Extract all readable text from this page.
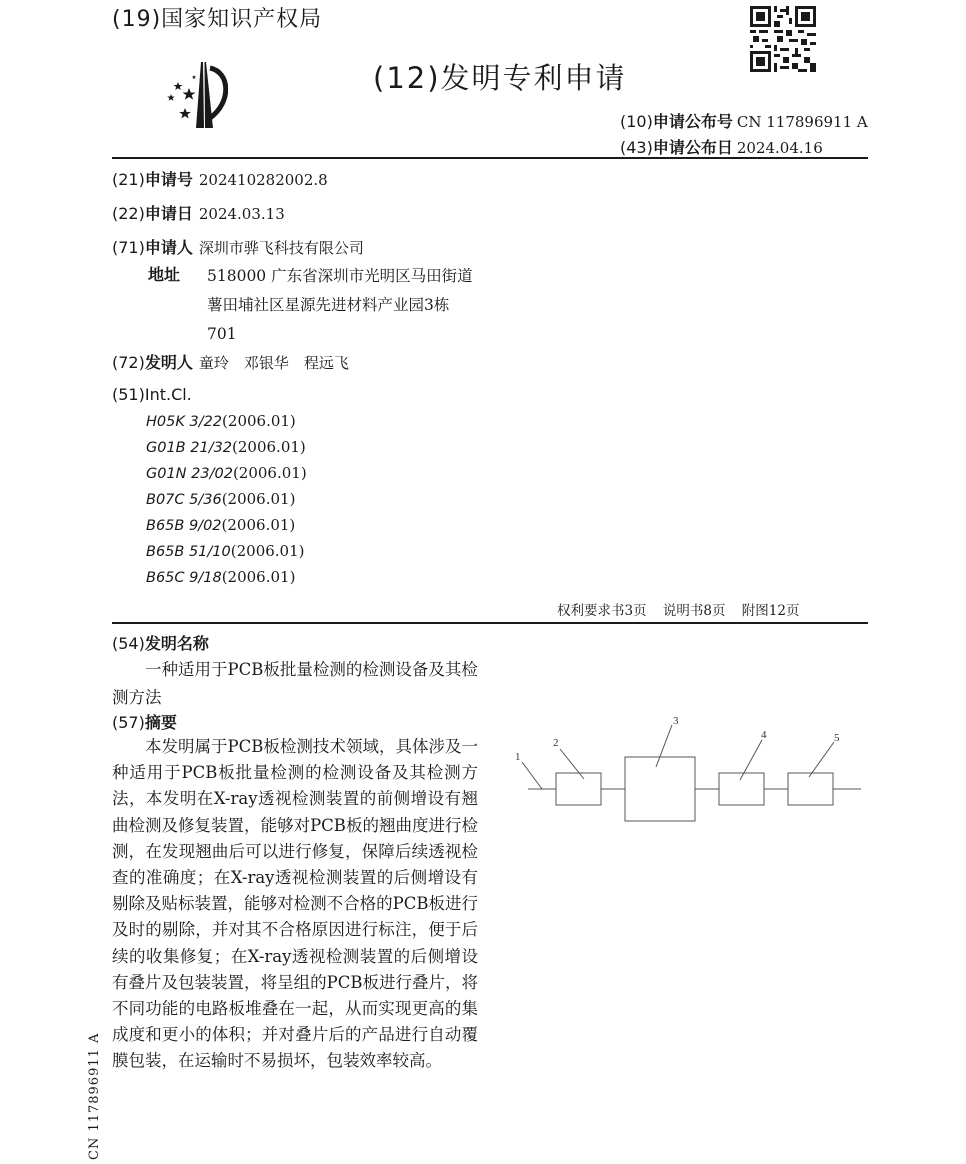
(19)国家知识产权局
(12)发明专利申请
(10)申请公布号 CN 117896911 A
(43)申请公布日 2024.04.16
(21)申请号 202410282002.8
(22)申请日 2024.03.13
(71)申请人 深圳市骅飞科技有限公司
地址 518000 广东省深圳市光明区马田街道薯田埔社区星源先进材料产业园3栋701
(72)发明人 童玲　邓银华　程远飞
(51)Int.Cl.
H05K 3/22(2006.01)
G01B 21/32(2006.01)
G01N 23/02(2006.01)
B07C 5/36(2006.01)
B65B 9/02(2006.01)
B65B 51/10(2006.01)
B65C 9/18(2006.01)
权利要求书3页 说明书8页 附图12页
(54)发明名称
一种适用于PCB板批量检测的检测设备及其检测方法
(57)摘要
本发明属于PCB板检测技术领域，具体涉及一种适用于PCB板批量检测的检测设备及其检测方法，本发明在X-ray透视检测装置的前侧增设有翘曲检测及修复装置，能够对PCB板的翘曲度进行检测，在发现翘曲后可以进行修复，保障后续透视检查的准确度；在X-ray透视检测装置的后侧增设有剔除及贴标装置，能够对检测不合格的PCB板进行及时的剔除，并对其不合格原因进行标注，便于后续的收集修复；在X-ray透视检测装置的后侧增设有叠片及包装装置，将呈组的PCB板进行叠片，将不同功能的电路板堆叠在一起，从而实现更高的集成度和更小的体积；并对叠片后的产品进行自动覆膜包装，在运输时不易损坏，包装效率较高。
1
2
3
4	5
CN 117896911 A
